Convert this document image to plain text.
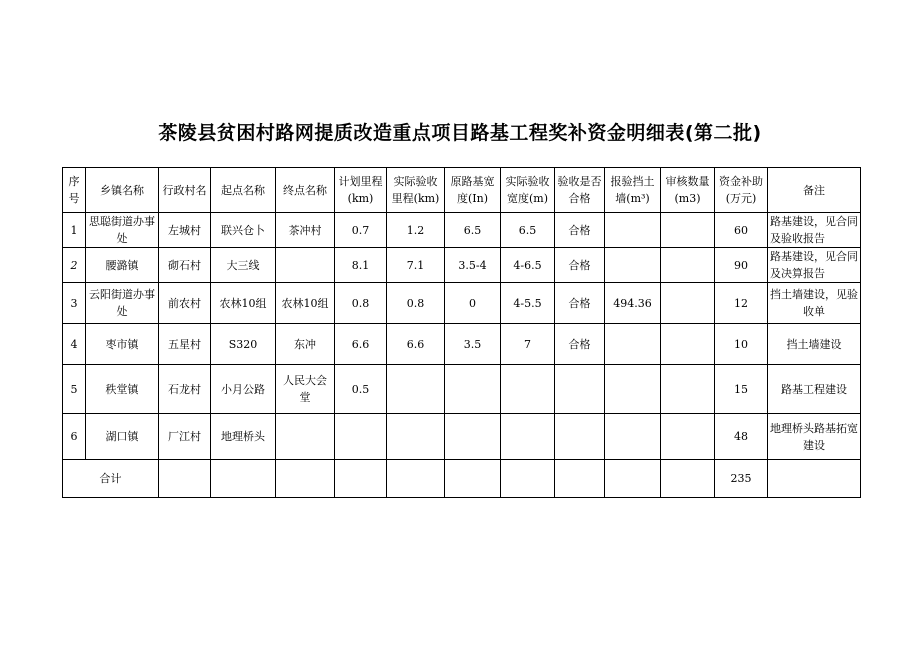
茶陵县贫困村路网提质改造重点项目路基工程奖补资金明细表(第二批)
序号	乡镇名称	行政村名	起点名称	终点名称	计划里程(km)	实际验收里程(km)	原路基宽度(In)	实际验收宽度(m)	验收是否合格	报验挡土墙(m³)	审核数量(m3)	资金补助(万元)	备注
1	思聪街道办事处	左城村	联兴仓卜	茶冲村	0.7	1.2	6.5	6.5	合格			60	路基建设，见合同及验收报告
2	腰潞镇	砌石村	大三线		8.1	7.1	3.5-4	4-6.5	合格			90	路基建设，见合同及决算报告
3	云阳街道办事处	前农村	农林10组	农林10组	0.8	0.8	0	4-5.5	合格	494.36		12	挡土墙建设，见验收单
4	枣市镇	五星村	S320	东冲	6.6	6.6	3.5	7	合格			10	挡土墙建设
5	秩堂镇	石龙村	小月公路	人民大会堂	0.5							15	路基工程建设
6	湖口镇	厂江村	地理桥头									48	地理桥头路基拓宽建设
合计												235	
